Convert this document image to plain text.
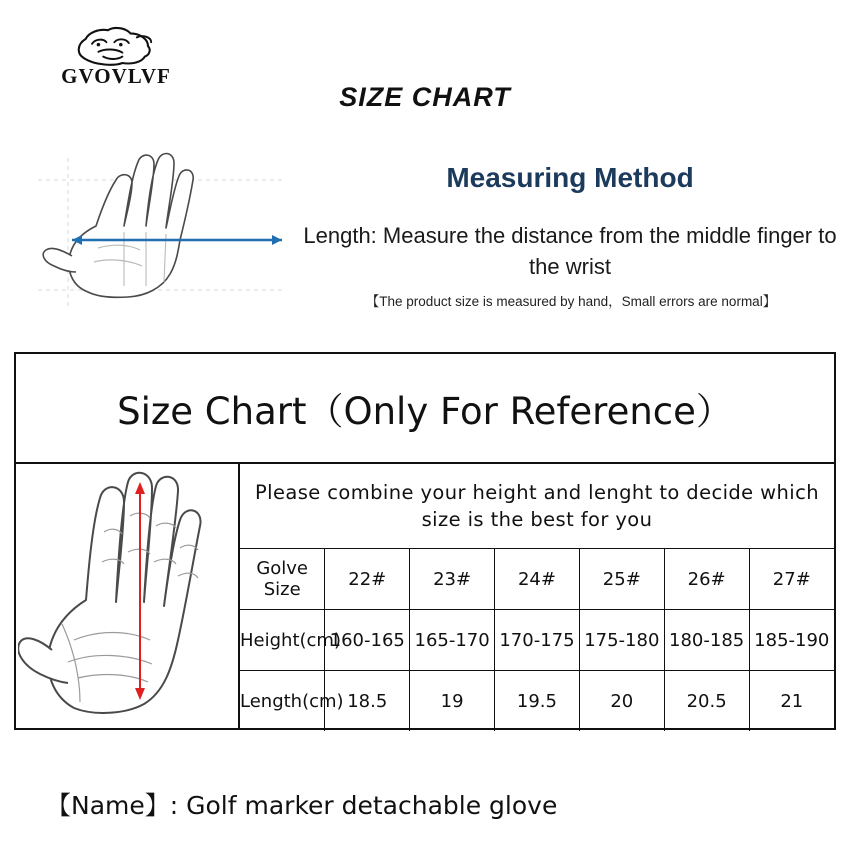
GVOVLVF
SIZE CHART
Measuring Method
Length: Measure the distance from the middle finger to the wrist
【The product size is measured by hand，Small errors are normal】
Size Chart（Only For Reference）
Please combine your height and lenght to decide which size is the best for you						
Golve Size	22#	23#	24#	25#	26#	27#
Height(cm)	160-165	165-170	170-175	175-180	180-185	185-190
Length(cm)	18.5	19	19.5	20	20.5	21
【Name】: Golf marker detachable glove
